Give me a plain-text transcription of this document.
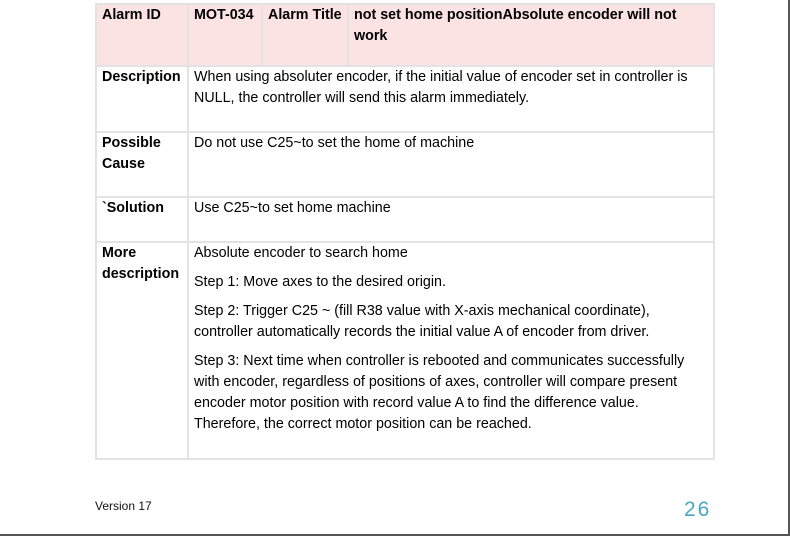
Alarm ID	MOT-034	Alarm Title	not set home positionAbsolute encoder will not work
Description	When using absoluter encoder, if the initial value of encoder set in controller is NULL, the controller will send this alarm immediately.		
Possible Cause	Do not use C25~to set the home of machine		
`Solution	Use C25~to set home machine		
More description	Absolute encoder to search home

Step 1: Move axes to the desired origin.

Step 2: Trigger C25 ~ (fill R38 value with X-axis mechanical coordinate), controller automatically records the initial value A of encoder from driver.

Step 3: Next time when controller is rebooted and communicates successfully with encoder, regardless of positions of axes, controller will compare present encoder motor position with record value A to find the difference value. Therefore, the correct motor position can be reached.		

Version 17	26
